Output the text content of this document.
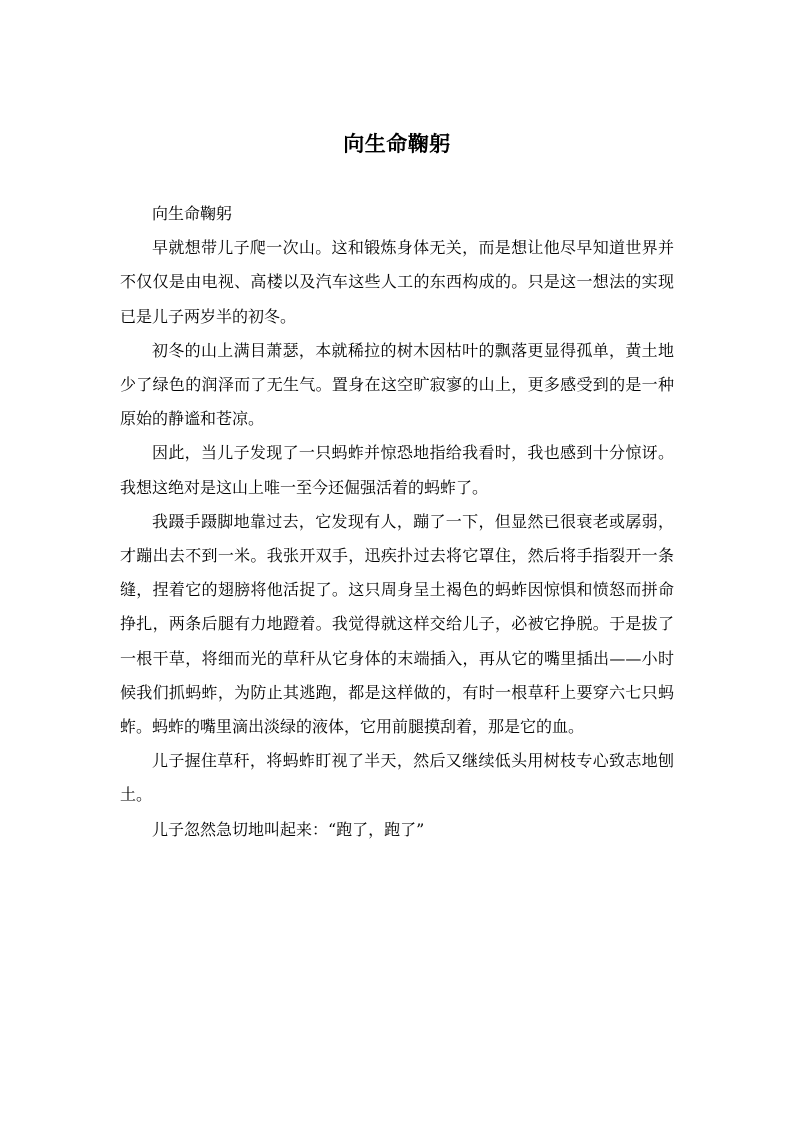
向生命鞠躬

向生命鞠躬

早就想带儿子爬一次山。这和锻炼身体无关，而是想让他尽早知道世界并不仅仅是由电视、高楼以及汽车这些人工的东西构成的。只是这一想法的实现已是儿子两岁半的初冬。

初冬的山上满目萧瑟，本就稀拉的树木因枯叶的飘落更显得孤单，黄土地少了绿色的润泽而了无生气。置身在这空旷寂寥的山上，更多感受到的是一种原始的静谧和苍凉。

因此，当儿子发现了一只蚂蚱并惊恐地指给我看时，我也感到十分惊讶。我想这绝对是这山上唯一至今还倔强活着的蚂蚱了。

我蹑手蹑脚地靠过去，它发现有人，蹦了一下，但显然已很衰老或孱弱，才蹦出去不到一米。我张开双手，迅疾扑过去将它罩住，然后将手指裂开一条缝，捏着它的翅膀将他活捉了。这只周身呈土褐色的蚂蚱因惊惧和愤怒而拼命挣扎，两条后腿有力地蹬着。我觉得就这样交给儿子，必被它挣脱。于是拔了一根干草，将细而光的草秆从它身体的末端插入，再从它的嘴里插出——小时候我们抓蚂蚱，为防止其逃跑，都是这样做的，有时一根草秆上要穿六七只蚂蚱。蚂蚱的嘴里滴出淡绿的液体，它用前腿摸刮着，那是它的血。

儿子握住草秆，将蚂蚱盯视了半天，然后又继续低头用树枝专心致志地刨土。

儿子忽然急切地叫起来：“跑了，跑了”
